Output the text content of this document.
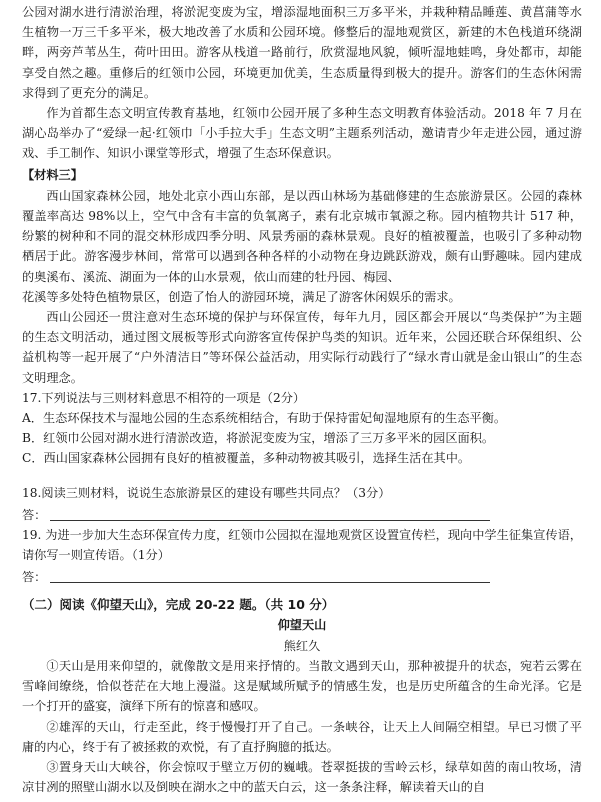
公园对湖水进行清淤治理，将淤泥变废为宝，增添湿地面积三万多平米，并栽种精品睡莲、黄菖蒲等水生植物一万三千多平米，极大地改善了水质和公园环境。修整后的湿地观赏区，新建的木色栈道环绕湖畔，两旁芦苇丛生，荷叶田田。游客从栈道一路前行，欣赏湿地风貌，倾听湿地蛙鸣，身处都市，却能享受自然之趣。重修后的红领巾公园，环境更加优美，生态质量得到极大的提升。游客们的生态休闲需求得到了更充分的满足。

作为首都生态文明宣传教育基地，红领巾公园开展了多种生态文明教育体验活动。2018 年 7 月在湖心岛举办了“爱绿一起·红领巾「小手拉大手」生态文明”主题系列活动，邀请青少年走进公园，通过游戏、手工制作、知识小课堂等形式，增强了生态环保意识。

【材料三】

西山国家森林公园，地处北京小西山东部，是以西山林场为基础修建的生态旅游景区。公园的森林覆盖率高达 98%以上，空气中含有丰富的负氧离子，素有北京城市氧源之称。园内植物共计 517 种，纷繁的树种和不同的混交林形成四季分明、风景秀丽的森林景观。良好的植被覆盖，也吸引了多种动物栖居于此。游客漫步林间，常常可以遇到各种各样的小动物在身边跳跃游戏，颇有山野趣味。园内建成的奥溪布、溪流、湖面为一体的山水景观，依山而建的牡丹园、梅园、

花溪等多处特色植物景区，创造了怡人的游园环境，满足了游客休闲娱乐的需求。

西山公园还一贯注意对生态环境的保护与环保宣传，每年九月，园区都会开展以“鸟类保护”为主题的生态文明活动，通过图文展板等形式向游客宣传保护鸟类的知识。近年来，公园还联合环保组织、公益机构等一起开展了“户外清洁日”等环保公益活动，用实际行动践行了“绿水青山就是金山银山”的生态文明理念。

17.下列说法与三则材料意思不相符的一项是（2分）

A．生态环保技术与湿地公园的生态系统相结合，有助于保持雷妃甸湿地原有的生态平衡。

B．红领巾公园对湖水进行清淤改造，将淤泥变废为宝，增添了三万多平米的园区面积。

C．西山国家森林公园拥有良好的植被覆盖，多种动物被其吸引，选择生活在其中。

18.阅读三则材料，说说生态旅游景区的建设有哪些共同点？（3分）

答：

19. 为进一步加大生态环保宣传力度，红领巾公园拟在湿地观赏区设置宣传栏，现向中学生征集宣传语，请你写一则宣传语。（1分）

答：

（二）阅读《仰望天山》，完成 20-22 题。（共 10 分）

仰望天山

熊红久

①天山是用来仰望的，就像散文是用来抒情的。当散文遇到天山，那种被提升的状态，宛若云雾在雪峰间缭绕，恰似苍茫在大地上漫溢。这是赋域所赋予的情感生发，也是历史所蕴含的生命光泽。它是一个打开的盛宴，演绎下所有的惊喜和感叹。

②雄浑的天山，行走至此，终于慢慢打开了自己。一条峡谷，让天上人间隔空相望。早已习惯了平庸的内心，终于有了被拯救的欢悦，有了直抒胸臆的抵达。

③置身天山大峡谷，你会惊叹于壁立万仞的巍峨。苍翠挺拔的雪岭云杉，绿草如茵的南山牧场，清凉甘冽的照壁山湖水以及倒映在湖水之中的蓝天白云，这一条条注释，解读着天山的自
